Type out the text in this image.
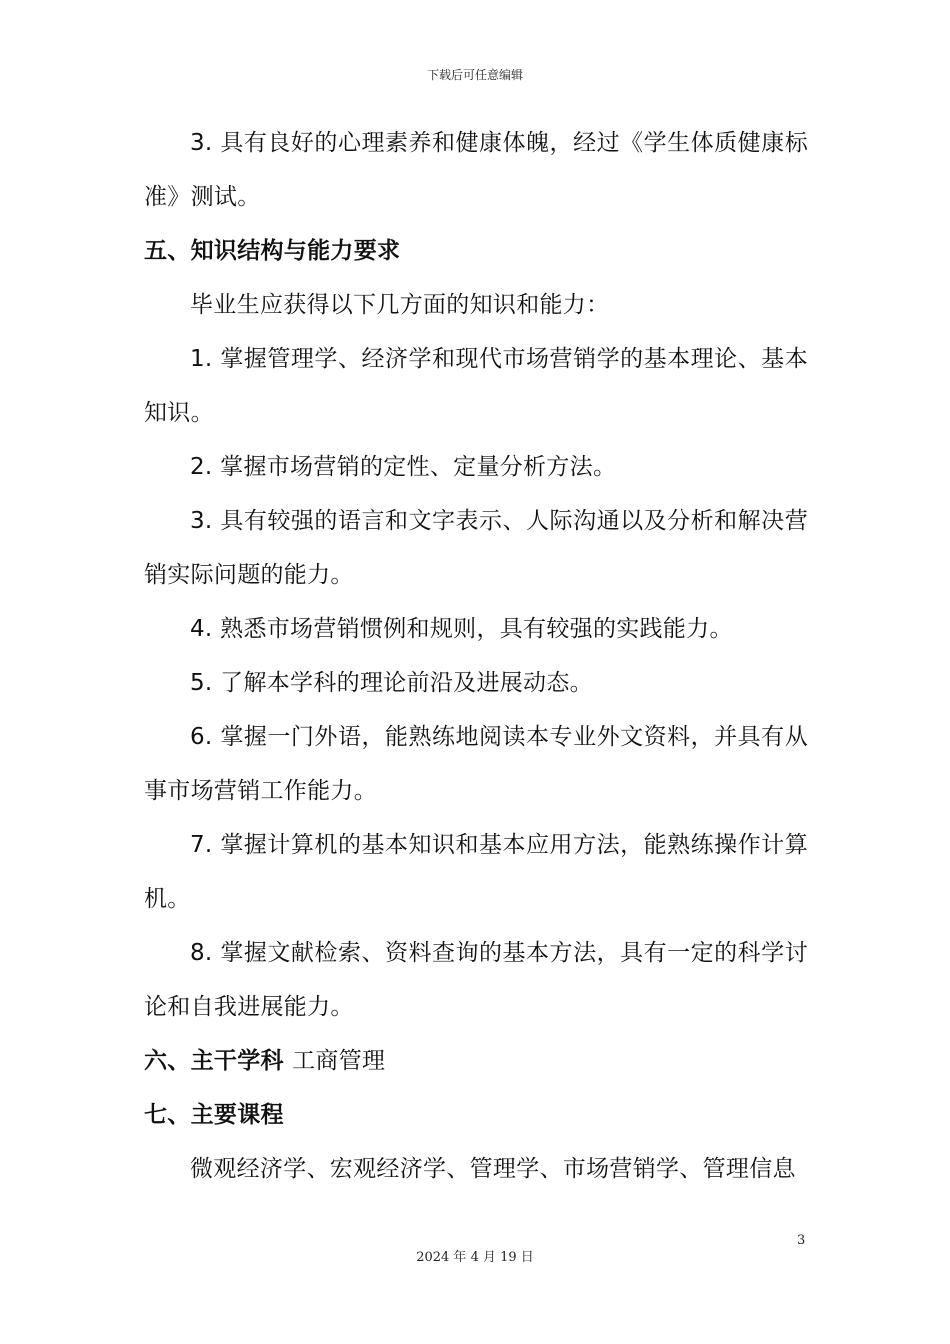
下载后可任意编辑

3. 具有良好的心理素养和健康体魄，经过《学生体质健康标准》测试。

五、知识结构与能力要求

毕业生应获得以下几方面的知识和能力：

1. 掌握管理学、经济学和现代市场营销学的基本理论、基本知识。

2. 掌握市场营销的定性、定量分析方法。

3. 具有较强的语言和文字表示、人际沟通以及分析和解决营销实际问题的能力。

4. 熟悉市场营销惯例和规则，具有较强的实践能力。

5. 了解本学科的理论前沿及进展动态。

6. 掌握一门外语，能熟练地阅读本专业外文资料，并具有从事市场营销工作能力。

7. 掌握计算机的基本知识和基本应用方法，能熟练操作计算机。

8. 掌握文献检索、资料查询的基本方法，具有一定的科学讨论和自我进展能力。

六、主干学科 工商管理

七、主要课程

微观经济学、宏观经济学、管理学、市场营销学、管理信息

3
2024 年 4 月 19 日
